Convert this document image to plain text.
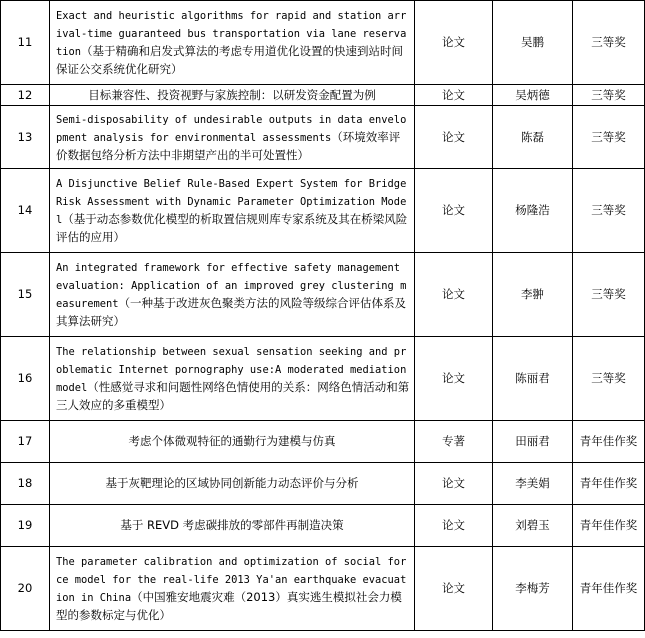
11	Exact and heuristic algorithms for rapid and station arrival-time guaranteed bus transportation via lane reservation（基于精确和启发式算法的考虑专用道优化设置的快速到站时间保证公交系统优化研究）	论文	吴鹏	三等奖
12	目标兼容性、投资视野与家族控制：以研发资金配置为例	论文	吴炳德	三等奖
13	Semi-disposability of undesirable outputs in data envelopment analysis for environmental assessments（环境效率评价数据包络分析方法中非期望产出的半可处置性）	论文	陈磊	三等奖
14	A Disjunctive Belief Rule-Based Expert System for Bridge Risk Assessment with Dynamic Parameter Optimization Model（基于动态参数优化模型的析取置信规则库专家系统及其在桥梁风险评估的应用）	论文	杨隆浩	三等奖
15	An integrated framework for effective safety management evaluation: Application of an improved grey clustering measurement（一种基于改进灰色聚类方法的风险等级综合评估体系及其算法研究）	论文	李翀	三等奖
16	The relationship between sexual sensation seeking and problematic Internet pornography use:A moderated mediation model（性感觉寻求和问题性网络色情使用的关系：网络色情活动和第三人效应的多重模型）	论文	陈丽君	三等奖
17	考虑个体微观特征的通勤行为建模与仿真	专著	田丽君	青年佳作奖
18	基于灰靶理论的区域协同创新能力动态评价与分析	论文	李美娟	青年佳作奖
19	基于 REVD 考虑碳排放的零部件再制造决策	论文	刘碧玉	青年佳作奖
20	The parameter calibration and optimization of social force model for the real-life 2013 Ya'an earthquake evacuation in China（中国雅安地震灾难（2013）真实逃生模拟社会力模型的参数标定与优化）	论文	李梅芳	青年佳作奖
